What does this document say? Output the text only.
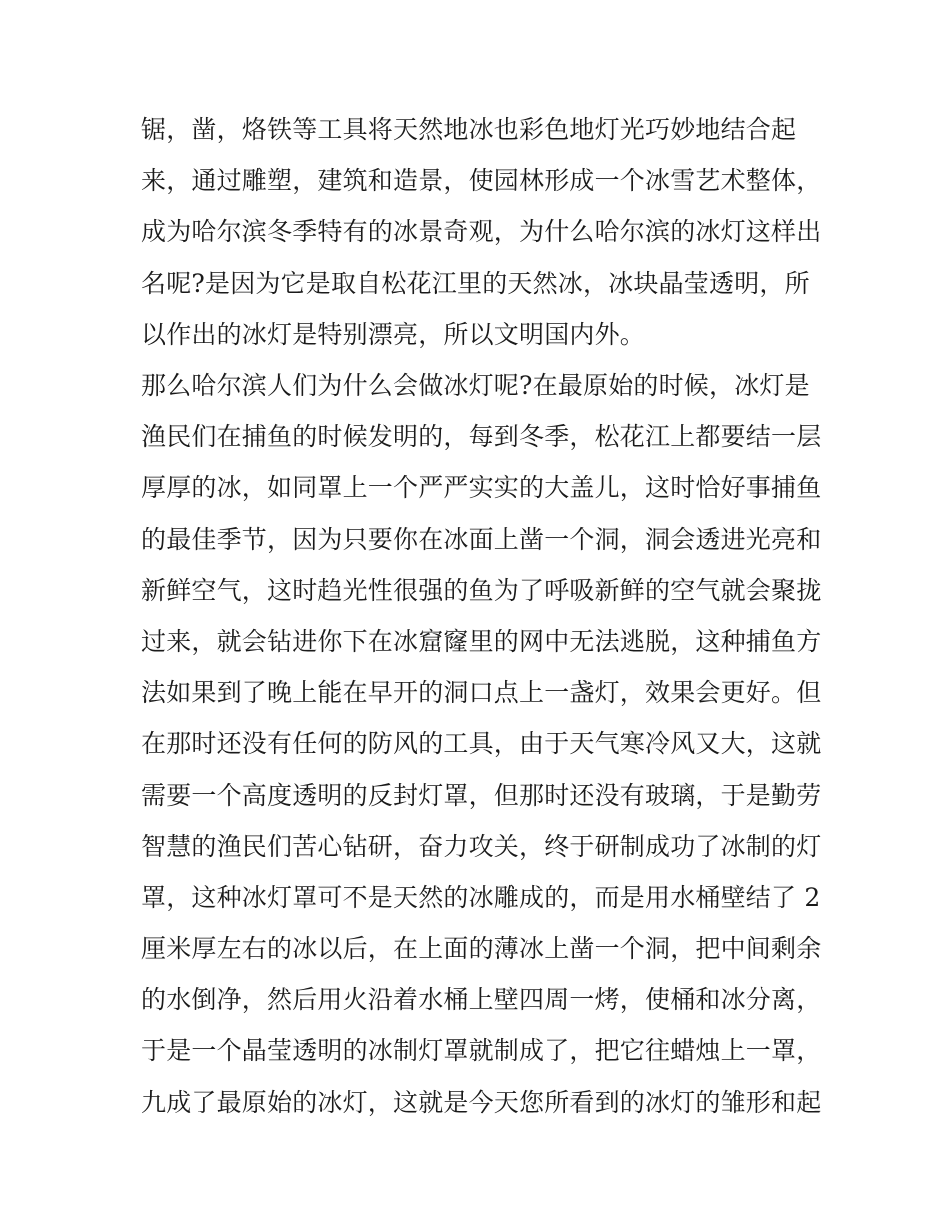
锯，凿，烙铁等工具将天然地冰也彩色地灯光巧妙地结合起
来，通过雕塑，建筑和造景，使园林形成一个冰雪艺术整体，
成为哈尔滨冬季特有的冰景奇观，为什么哈尔滨的冰灯这样出
名呢?是因为它是取自松花江里的天然冰，冰块晶莹透明，所
以作出的冰灯是特别漂亮，所以文明国内外。
那么哈尔滨人们为什么会做冰灯呢?在最原始的时候，冰灯是
渔民们在捕鱼的时候发明的，每到冬季，松花江上都要结一层
厚厚的冰，如同罩上一个严严实实的大盖儿，这时恰好事捕鱼
的最佳季节，因为只要你在冰面上凿一个洞，洞会透进光亮和
新鲜空气，这时趋光性很强的鱼为了呼吸新鲜的空气就会聚拢
过来，就会钻进你下在冰窟窿里的网中无法逃脱，这种捕鱼方
法如果到了晚上能在早开的洞口点上一盏灯，效果会更好。但
在那时还没有任何的防风的工具，由于天气寒冷风又大，这就
需要一个高度透明的反封灯罩，但那时还没有玻璃，于是勤劳
智慧的渔民们苦心钻研，奋力攻关，终于研制成功了冰制的灯
罩，这种冰灯罩可不是天然的冰雕成的，而是用水桶壁结了 2
厘米厚左右的冰以后，在上面的薄冰上凿一个洞，把中间剩余
的水倒净，然后用火沿着水桶上壁四周一烤，使桶和冰分离，
于是一个晶莹透明的冰制灯罩就制成了，把它往蜡烛上一罩，
九成了最原始的冰灯，这就是今天您所看到的冰灯的雏形和起
